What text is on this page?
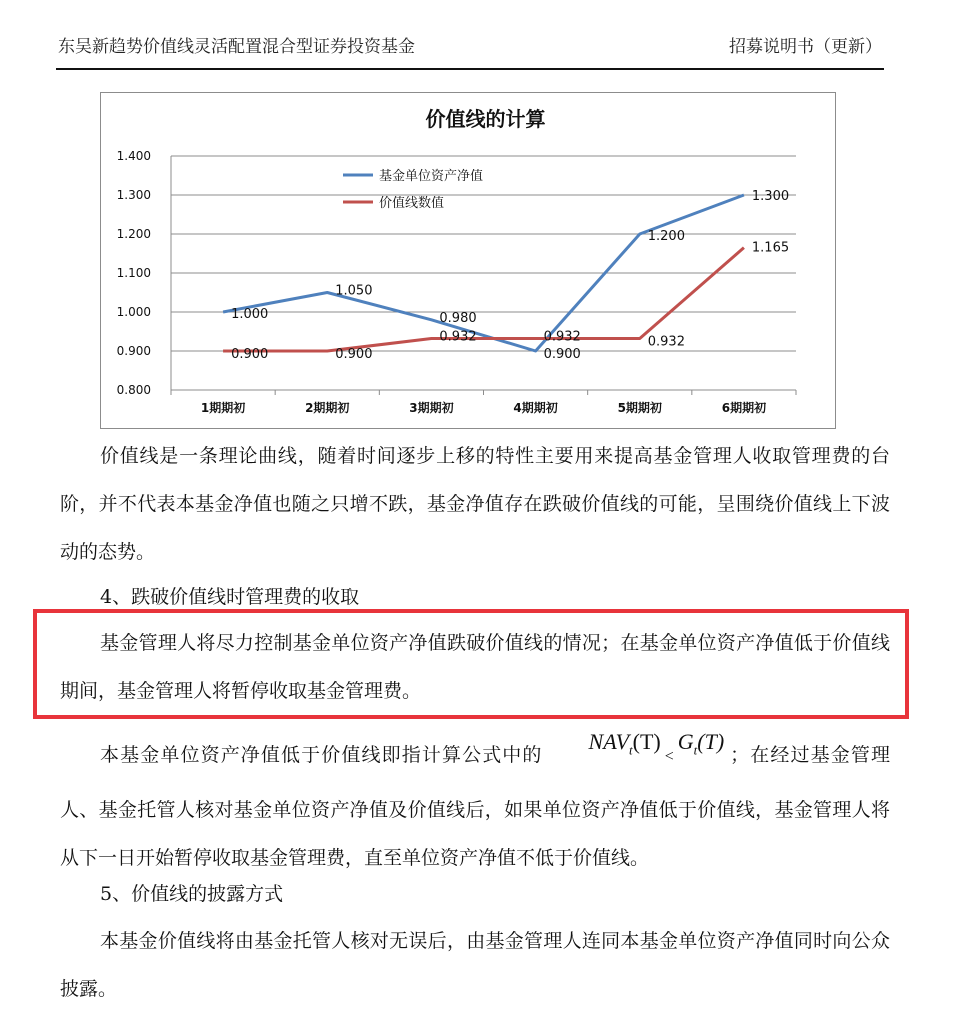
东吴新趋势价值线灵活配置混合型证券投资基金	招募说明书（更新）
价值线的计算
0.800
0.900
1.000
1.100
1.200
1.300
1.400
1期期初	2期期初	3期期初	4期期初	5期期初	6期期初
1.000
1.050
0.980
0.900
1.200
1.300
0.900	0.900
0.932	0.932	0.932
1.165
基金单位资产净值
价值线数值

价值线是一条理论曲线，随着时间逐步上移的特性主要用来提高基金管理人收取管理费的台阶，并不代表本基金净值也随之只增不跌，基金净值存在跌破价值线的可能，呈围绕价值线上下波动的态势。

4、跌破价值线时管理费的收取

基金管理人将尽力控制基金单位资产净值跌破价值线的情况；在基金单位资产净值低于价值线期间，基金管理人将暂停收取基金管理费。

本基金单位资产净值低于价值线即指计算公式中的$NAV_t(T)_<G_t(T)$；在经过基金管理人、基金托管人核对基金单位资产净值及价值线后，如果单位资产净值低于价值线，基金管理人将从下一日开始暂停收取基金管理费，直至单位资产净值不低于价值线。

5、价值线的披露方式

本基金价值线将由基金托管人核对无误后，由基金管理人连同本基金单位资产净值同时向公众披露。
